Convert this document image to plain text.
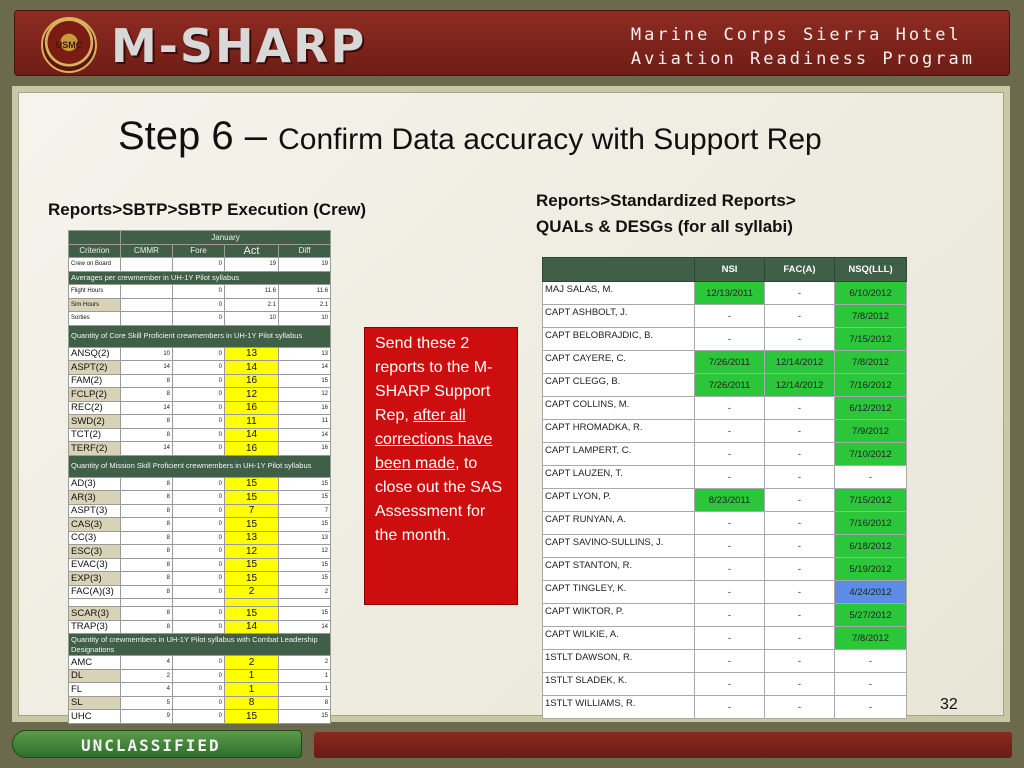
USMC M-SHARP	Marine Corps Sierra Hotel
Aviation Readiness Program
Step 6 – Confirm Data accuracy with Support Rep
Reports>SBTP>SBTP Execution (Crew)	Reports>Standardized Reports>
QUALs & DESGs (for all syllabi)
	January			
Criterion	CMMR	Fore	Act	Diff
Crew on Board		0	19	19
Averages per crewmember in UH-1Y Pilot syllabus				
Flight Hours		0	11.6	11.6
Sim Hours		0	2.1	2.1
Sorties		0	10	10
Quantity of Core Skill Proficient crewmembers in UH-1Y Pilot syllabus				
ANSQ(2)	10	0	13	13
ASPT(2)	14	0	14	14
FAM(2)	8	0	16	15
FCLP(2)	8	0	12	12
REC(2)	14	0	16	16
SWD(2)	8	0	11	11
TCT(2)	8	0	14	14
TERF(2)	14	0	16	16
Quantity of Mission Skill Proficient crewmembers in UH-1Y Pilot syllabus				
AD(3)	8	0	15	15
AR(3)	8	0	15	15
ASPT(3)	8	0	7	7
CAS(3)	8	0	15	15
CC(3)	8	0	13	13
ESC(3)	8	0	12	12
EVAC(3)	8	0	15	15
EXP(3)	8	0	15	15
FAC(A)(3)	8	0	2	2

SCAR(3)	8	0	15	15
TRAP(3)	8	0	14	14
Quantity of crewmembers in UH-1Y Pilot syllabus with Combat Leadership Designations				
AMC	4	0	2	2
DL	2	0	1	1
FL	4	0	1	1
SL	5	0	8	8
UHC	9	0	15	15
Send these 2 reports to the M-SHARP Support Rep, after all corrections have been made, to close out the SAS Assessment for the month.
	NSI	FAC(A)	NSQ(LLL)
MAJ SALAS, M.	12/13/2011	-	6/10/2012
CAPT ASHBOLT, J.	-	-	7/8/2012
CAPT BELOBRAJDIC, B.	-	-	7/15/2012
CAPT CAYERE, C.	7/26/2011	12/14/2012	7/8/2012
CAPT CLEGG, B.	7/26/2011	12/14/2012	7/16/2012
CAPT COLLINS, M.	-	-	6/12/2012
CAPT HROMADKA, R.	-	-	7/9/2012
CAPT LAMPERT, C.	-	-	7/10/2012
CAPT LAUZEN, T.	-	-	-
CAPT LYON, P.	8/23/2011	-	7/15/2012
CAPT RUNYAN, A.	-	-	7/16/2012
CAPT SAVINO-SULLINS, J.	-	-	6/18/2012
CAPT STANTON, R.	-	-	5/19/2012
CAPT TINGLEY, K.	-	-	4/24/2012
CAPT WIKTOR, P.	-	-	5/27/2012
CAPT WILKIE, A.	-	-	7/8/2012
1STLT DAWSON, R.	-	-	-
1STLT SLADEK, K.	-	-	-
1STLT WILLIAMS, R.	-	-	-	32
UNCLASSIFIED
